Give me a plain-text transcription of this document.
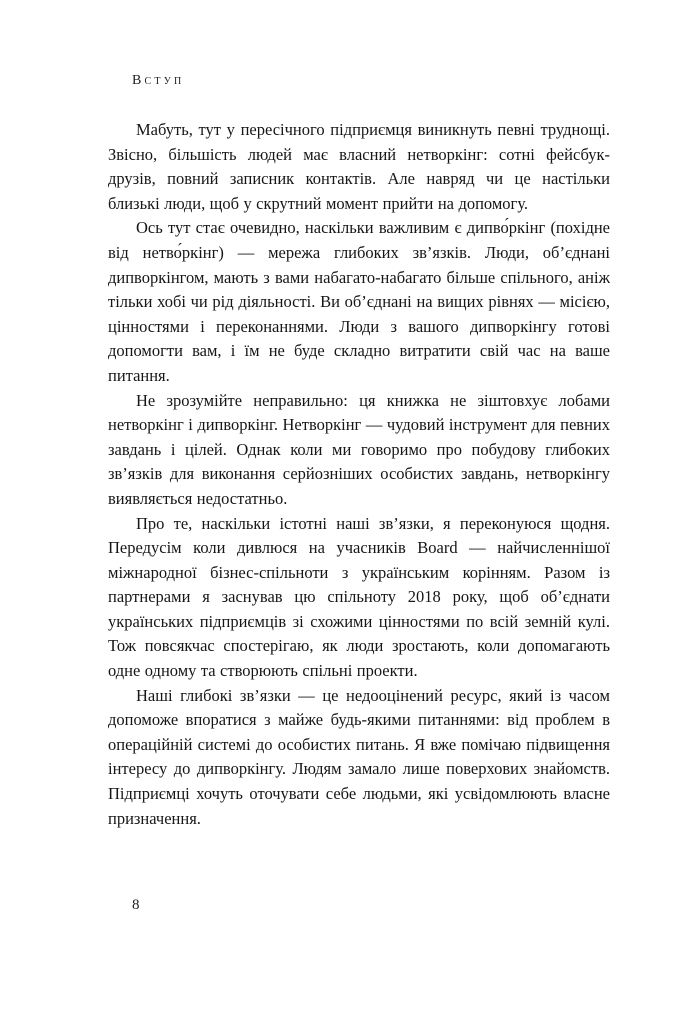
Вступ

Мабуть, тут у пересічного підприємця виникнуть певні труднощі. Звісно, більшість людей має власний нетворкінг: сотні фейсбук-друзів, повний записник контактів. Але навряд чи це настільки близькі люди, щоб у скрутний момент прийти на допомогу.

Ось тут стає очевидно, наскільки важливим є дипво́ркінг (похідне від нетво́ркінг) — мережа глибоких зв’язків. Люди, об’єднані дипворкінгом, мають з вами набагато-набагато більше спільного, аніж тільки хобі чи рід діяльності. Ви об’єднані на вищих рівнях — місією, цінностями і переконаннями. Люди з вашого дипворкінгу готові допомогти вам, і їм не буде складно витратити свій час на ваше питання.

Не зрозумійте неправильно: ця книжка не зіштовхує лобами нетворкінг і дипворкінг. Нетворкінг — чудовий інструмент для певних завдань і цілей. Однак коли ми говоримо про побудову глибоких зв’язків для виконання серйозніших особистих завдань, нетворкінгу виявляється недостатньо.

Про те, наскільки істотні наші зв’язки, я переконуюся щодня. Передусім коли дивлюся на учасників Board — найчисленнішої міжнародної бізнес-спільноти з українським корінням. Разом із партнерами я заснував цю спільноту 2018 року, щоб об’єднати українських підприємців зі схожими цінностями по всій земній кулі. Тож повсякчас спостерігаю, як люди зростають, коли допомагають одне одному та створюють спільні проекти.

Наші глибокі зв’язки — це недооцінений ресурс, який із часом допоможе впоратися з майже будь-якими питаннями: від проблем в операційній системі до особистих питань. Я вже помічаю підвищення інтересу до дипворкінгу. Людям замало лише поверхових знайомств. Підприємці хочуть оточувати себе людьми, які усвідомлюють власне призначення.

8
